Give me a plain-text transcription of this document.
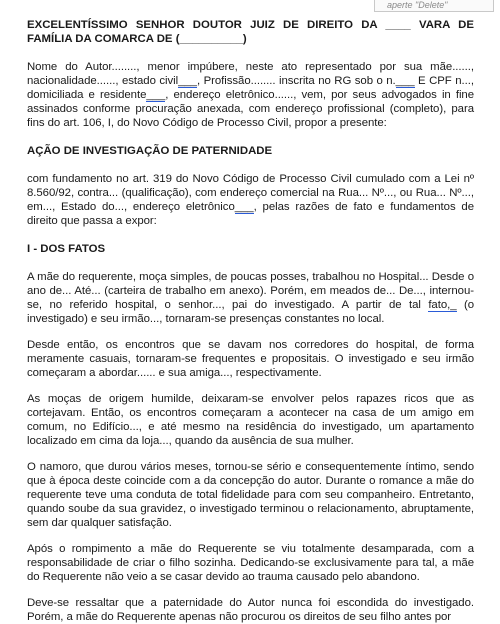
aperte "Delete"

EXCELENTÍSSIMO SENHOR DOUTOR JUIZ DE DIREITO DA ____ VARA DE FAMÍLIA DA COMARCA DE (__________)

Nome do Autor........, menor impúbere, neste ato representado por sua mãe......, nacionalidade......, estado civil___, Profissão........ inscrita no RG sob o n.___ E CPF n..., domiciliada e residente___, endereço eletrônico......, vem, por seus advogados in fine assinados conforme procuração anexada, com endereço profissional (completo), para fins do art. 106, I, do Novo Código de Processo Civil, propor a presente:

AÇÃO DE INVESTIGAÇÃO DE PATERNIDADE

com fundamento no art. 319 do Novo Código de Processo Civil cumulado com a Lei nº 8.560/92, contra... (qualificação), com endereço comercial na Rua... Nº..., ou Rua... Nº..., em..., Estado do..., endereço eletrônico___, pelas razões de fato e fundamentos de direito que passa a expor:

I - DOS FATOS

A mãe do requerente, moça simples, de poucas posses, trabalhou no Hospital... Desde o ano de... Até... (carteira de trabalho em anexo). Porém, em meados de... De..., internou-se, no referido hospital, o senhor..., pai do investigado. A partir de tal fato,_ (o investigado) e seu irmão..., tornaram-se presenças constantes no local.

Desde então, os encontros que se davam nos corredores do hospital, de forma meramente casuais, tornaram-se frequentes e propositais. O investigado e seu irmão começaram a abordar...... e sua amiga..., respectivamente.

As moças de origem humilde, deixaram-se envolver pelos rapazes ricos que as cortejavam. Então, os encontros começaram a acontecer na casa de um amigo em comum, no Edifício..., e até mesmo na residência do investigado, um apartamento localizado em cima da loja..., quando da ausência de sua mulher.

O namoro, que durou vários meses, tornou-se sério e consequentemente íntimo, sendo que à época deste coincide com a da concepção do autor. Durante o romance a mãe do requerente teve uma conduta de total fidelidade para com seu companheiro. Entretanto, quando soube da sua gravidez, o investigado terminou o relacionamento, abruptamente, sem dar qualquer satisfação.

Após o rompimento a mãe do Requerente se viu totalmente desamparada, com a responsabilidade de criar o filho sozinha. Dedicando-se exclusivamente para tal, a mãe do Requerente não veio a se casar devido ao trauma causado pelo abandono.

Deve-se ressaltar que a paternidade do Autor nunca foi escondida do investigado. Porém, a mãe do Requerente apenas não procurou os direitos de seu filho antes por
